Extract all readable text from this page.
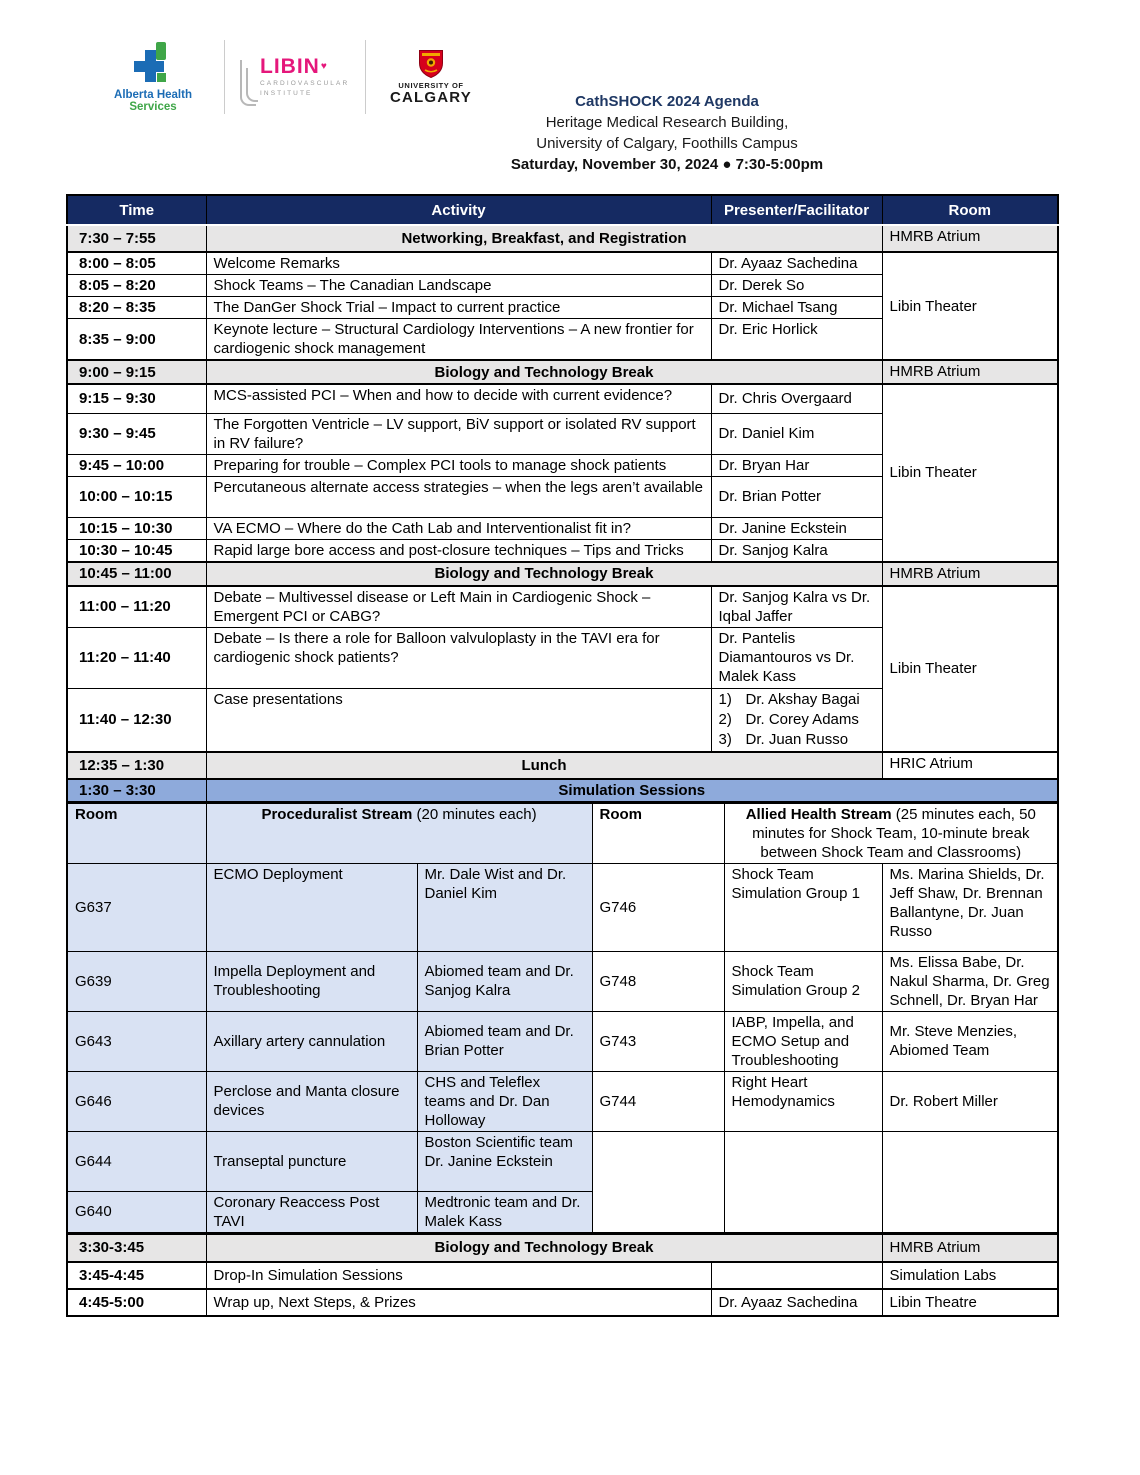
Alberta Health
Services
LIBIN♥
CARDIOVASCULAR
INSTITUTE
UNIVERSITY OF
CALGARY	CathSHOCK 2024 Agenda
Heritage Medical Research Building,
University of Calgary, Foothills Campus
Saturday, November 30, 2024 ● 7:30-5:00pm
Time	Activity	Presenter/Facilitator	Room
7:30 – 7:55	Networking, Breakfast, and Registration		HMRB Atrium
8:00 – 8:05	Welcome Remarks	Dr. Ayaaz Sachedina	Libin Theater
8:05 – 8:20	Shock Teams – The Canadian Landscape	Dr. Derek So	
8:20 – 8:35	The DanGer Shock Trial – Impact to current practice	Dr. Michael Tsang	
8:35 – 9:00	Keynote lecture – Structural Cardiology Interventions – A new frontier for cardiogenic shock management	Dr. Eric Horlick	
9:00 – 9:15	Biology and Technology Break		HMRB Atrium
9:15 – 9:30	MCS-assisted PCI – When and how to decide with current evidence?	Dr. Chris Overgaard	Libin Theater
9:30 – 9:45	The Forgotten Ventricle – LV support, BiV support or isolated RV support in RV failure?	Dr. Daniel Kim	
9:45 – 10:00	Preparing for trouble – Complex PCI tools to manage shock patients	Dr. Bryan Har	
10:00 – 10:15	Percutaneous alternate access strategies – when the legs aren’t available	Dr. Brian Potter	
10:15 – 10:30	VA ECMO – Where do the Cath Lab and Interventionalist fit in?	Dr. Janine Eckstein	
10:30 – 10:45	Rapid large bore access and post-closure techniques – Tips and Tricks	Dr. Sanjog Kalra	
10:45 – 11:00	Biology and Technology Break		HMRB Atrium
11:00 – 11:20	Debate – Multivessel disease or Left Main in Cardiogenic Shock – Emergent PCI or CABG?	Dr. Sanjog Kalra vs Dr. Iqbal Jaffer	Libin Theater
11:20 – 11:40	Debate – Is there a role for Balloon valvuloplasty in the TAVI era for cardiogenic shock patients?	Dr. Pantelis Diamantouros vs Dr. Malek Kass	
11:40 – 12:30	Case presentations	1) Dr. Akshay Bagai
2) Dr. Corey Adams
3) Dr. Juan Russo

12:35 – 1:30	Lunch		HRIC Atrium
1:30 – 3:30	Simulation Sessions		
Room	Proceduralist Stream (20 minutes each)		Room	Allied Health Stream (25 minutes each, 50 minutes for Shock Team, 10-minute break between Shock Team and Classrooms)	
G637	ECMO Deployment	Mr. Dale Wist and Dr. Daniel Kim	G746	Shock Team Simulation Group 1	Ms. Marina Shields, Dr. Jeff Shaw, Dr. Brennan Ballantyne, Dr. Juan Russo
G639	Impella Deployment and Troubleshooting	Abiomed team and Dr. Sanjog Kalra	G748	Shock Team Simulation Group 2	Ms. Elissa Babe, Dr. Nakul Sharma, Dr. Greg Schnell, Dr. Bryan Har
G643	Axillary artery cannulation	Abiomed team and Dr. Brian Potter	G743	IABP, Impella, and ECMO Setup and Troubleshooting	Mr. Steve Menzies, Abiomed Team
G646	Perclose and Manta closure devices	CHS and Teleflex teams and Dr. Dan Holloway	G744	Right Heart Hemodynamics	Dr. Robert Miller
G644	Transeptal puncture	Boston Scientific team Dr. Janine Eckstein			
G640	Coronary Reaccess Post TAVI	Medtronic team and Dr. Malek Kass			
3:30-3:45	Biology and Technology Break		HMRB Atrium
3:45-4:45	Drop-In Simulation Sessions		Simulation Labs
4:45-5:00	Wrap up, Next Steps, & Prizes	Dr. Ayaaz Sachedina	Libin Theatre
